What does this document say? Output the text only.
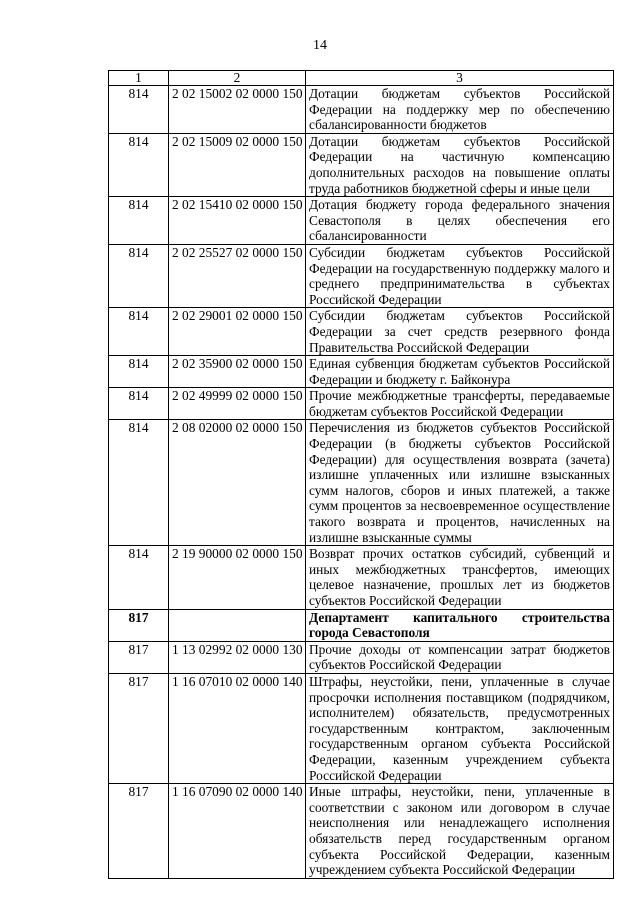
14
1	2	3
814	2 02 15002 02 0000 150	Дотации бюджетам субъектов Российской Федерации на поддержку мер по обеспечению сбалансированности бюджетов
814	2 02 15009 02 0000 150	Дотации бюджетам субъектов Российской Федерации на частичную компенсацию дополнительных расходов на повышение оплаты труда работников бюджетной сферы и иные цели
814	2 02 15410 02 0000 150	Дотация бюджету города федерального значения Севастополя в целях обеспечения его сбалансированности
814	2 02 25527 02 0000 150	Субсидии бюджетам субъектов Российской Федерации на государственную поддержку малого и среднего предпринимательства в субъектах Российской Федерации
814	2 02 29001 02 0000 150	Субсидии бюджетам субъектов Российской Федерации за счет средств резервного фонда Правительства Российской Федерации
814	2 02 35900 02 0000 150	Единая субвенция бюджетам субъектов Российской Федерации и бюджету г. Байконура
814	2 02 49999 02 0000 150	Прочие межбюджетные трансферты, передаваемые бюджетам субъектов Российской Федерации
814	2 08 02000 02 0000 150	Перечисления из бюджетов субъектов Российской Федерации (в бюджеты субъектов Российской Федерации) для осуществления возврата (зачета) излишне уплаченных или излишне взысканных сумм налогов, сборов и иных платежей, а также сумм процентов за несвоевременное осуществление такого возврата и процентов, начисленных на излишне взысканные суммы
814	2 19 90000 02 0000 150	Возврат прочих остатков субсидий, субвенций и иных межбюджетных трансфертов, имеющих целевое назначение, прошлых лет из бюджетов субъектов Российской Федерации
817		Департамент капитального строительства города Севастополя
817	1 13 02992 02 0000 130	Прочие доходы от компенсации затрат бюджетов субъектов Российской Федерации
817	1 16 07010 02 0000 140	Штрафы, неустойки, пени, уплаченные в случае просрочки исполнения поставщиком (подрядчиком, исполнителем) обязательств, предусмотренных государственным контрактом, заключенным государственным органом субъекта Российской Федерации, казенным учреждением субъекта Российской Федерации
817	1 16 07090 02 0000 140	Иные штрафы, неустойки, пени, уплаченные в соответствии с законом или договором в случае неисполнения или ненадлежащего исполнения обязательств перед государственным органом субъекта Российской Федерации, казенным учреждением субъекта Российской Федерации
